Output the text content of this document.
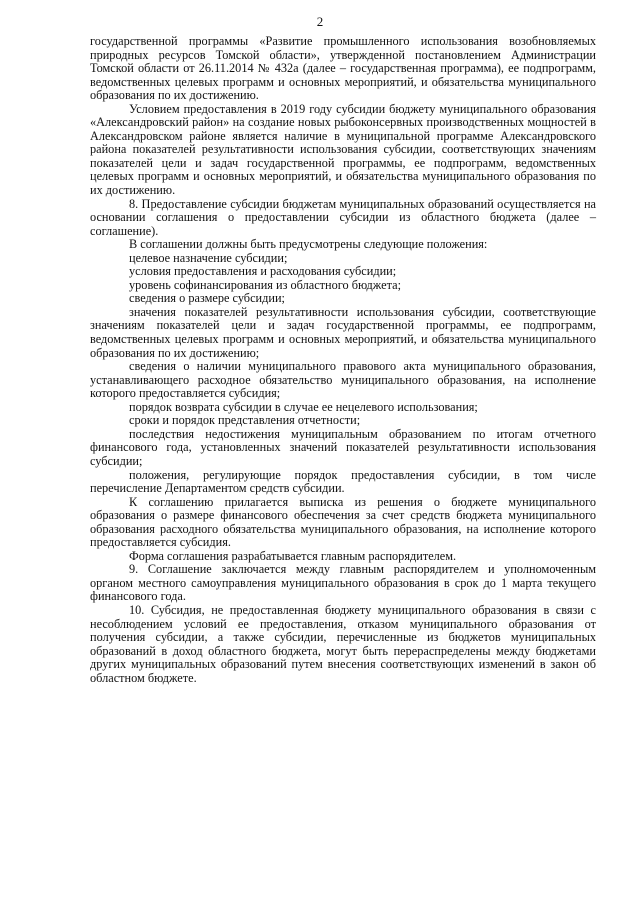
2

государственной программы «Развитие промышленного использования возобновляемых природных ресурсов Томской области», утвержденной постановлением Администрации Томской области от 26.11.2014 № 432а (далее – государственная программа), ее подпрограмм, ведомственных целевых программ и основных мероприятий, и обязательства муниципального образования по их достижению.

Условием предоставления в 2019 году субсидии бюджету муниципального образования «Александровский район» на создание новых рыбоконсервных производственных мощностей в Александровском районе является наличие в муниципальной программе Александровского района показателей результативности использования субсидии, соответствующих значениям показателей цели и задач государственной программы, ее подпрограмм, ведомственных целевых программ и основных мероприятий, и обязательства муниципального образования по их достижению.

8. Предоставление субсидии бюджетам муниципальных образований осуществляется на основании соглашения о предоставлении субсидии из областного бюджета (далее – соглашение).

В соглашении должны быть предусмотрены следующие положения:

целевое назначение субсидии;

условия предоставления и расходования субсидии;

уровень софинансирования из областного бюджета;

сведения о размере субсидии;

значения показателей результативности использования субсидии, соответствующие значениям показателей цели и задач государственной программы, ее подпрограмм, ведомственных целевых программ и основных мероприятий, и обязательства муниципального образования по их достижению;

сведения о наличии муниципального правового акта муниципального образования, устанавливающего расходное обязательство муниципального образования, на исполнение которого предоставляется субсидия;

порядок возврата субсидии в случае ее нецелевого использования;

сроки и порядок представления отчетности;

последствия недостижения муниципальным образованием по итогам отчетного финансового года, установленных значений показателей результативности использования субсидии;

положения, регулирующие порядок предоставления субсидии, в том числе перечисление Департаментом средств субсидии.

К соглашению прилагается выписка из решения о бюджете муниципального образования о размере финансового обеспечения за счет средств бюджета муниципального образования расходного обязательства муниципального образования, на исполнение которого предоставляется субсидия.

Форма соглашения разрабатывается главным распорядителем.

9. Соглашение заключается между главным распорядителем и уполномоченным органом местного самоуправления муниципального образования в срок до 1 марта текущего финансового года.

10. Субсидия, не предоставленная бюджету муниципального образования в связи с несоблюдением условий ее предоставления, отказом муниципального образования от получения субсидии, а также субсидии, перечисленные из бюджетов муниципальных образований в доход областного бюджета, могут быть перераспределены между бюджетами других муниципальных образований путем внесения соответствующих изменений в закон об областном бюджете.
